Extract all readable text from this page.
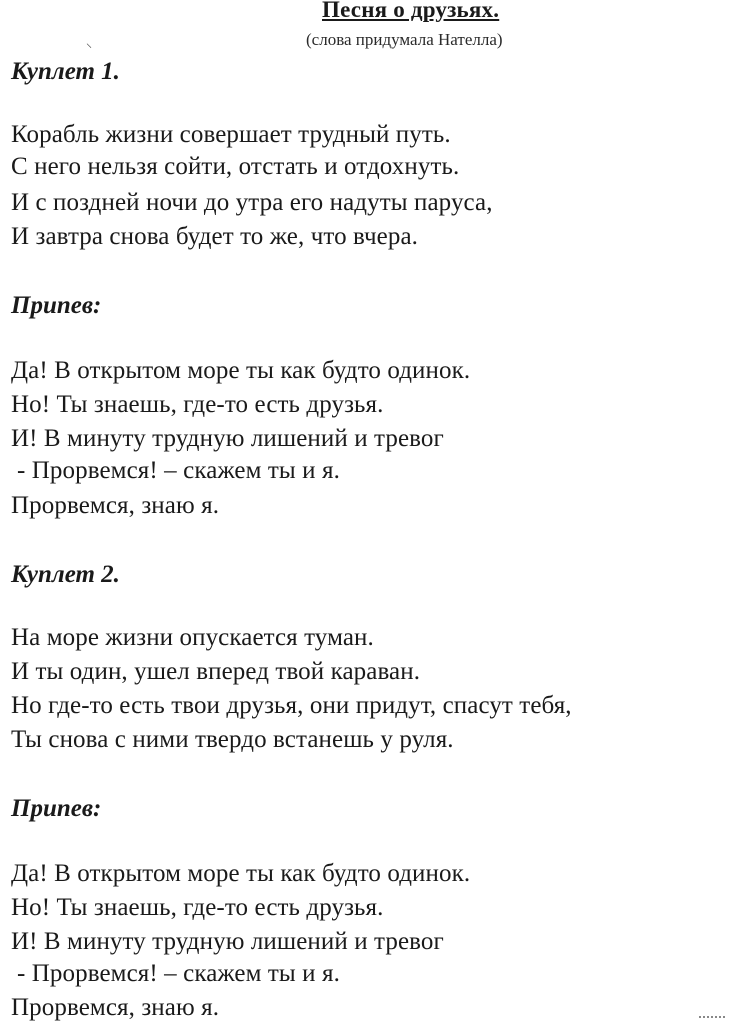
Песня о друзьях.
(слова придумала Нателла)
⸜
Куплет 1.
Корабль жизни совершает трудный путь.
С него нельзя сойти, отстать и отдохнуть.
И с поздней ночи до утра его надуты паруса,
И завтра снова будет то же, что вчера.
Припев:
Да! В открытом море ты как будто одинок.
Но! Ты знаешь, где-то есть друзья.
И! В минуту трудную лишений и тревог
- Прорвемся! – скажем ты и я.
Прорвемся, знаю я.
Куплет 2.
На море жизни опускается туман.
И ты один, ушел вперед твой караван.
Но где-то есть твои друзья, они придут, спасут тебя,
Ты снова с ними твердо встанешь у руля.
Припев:
Да! В открытом море ты как будто одинок.
Но! Ты знаешь, где-то есть друзья.
И! В минуту трудную лишений и тревог
- Прорвемся! – скажем ты и я.
Прорвемся, знаю я.
